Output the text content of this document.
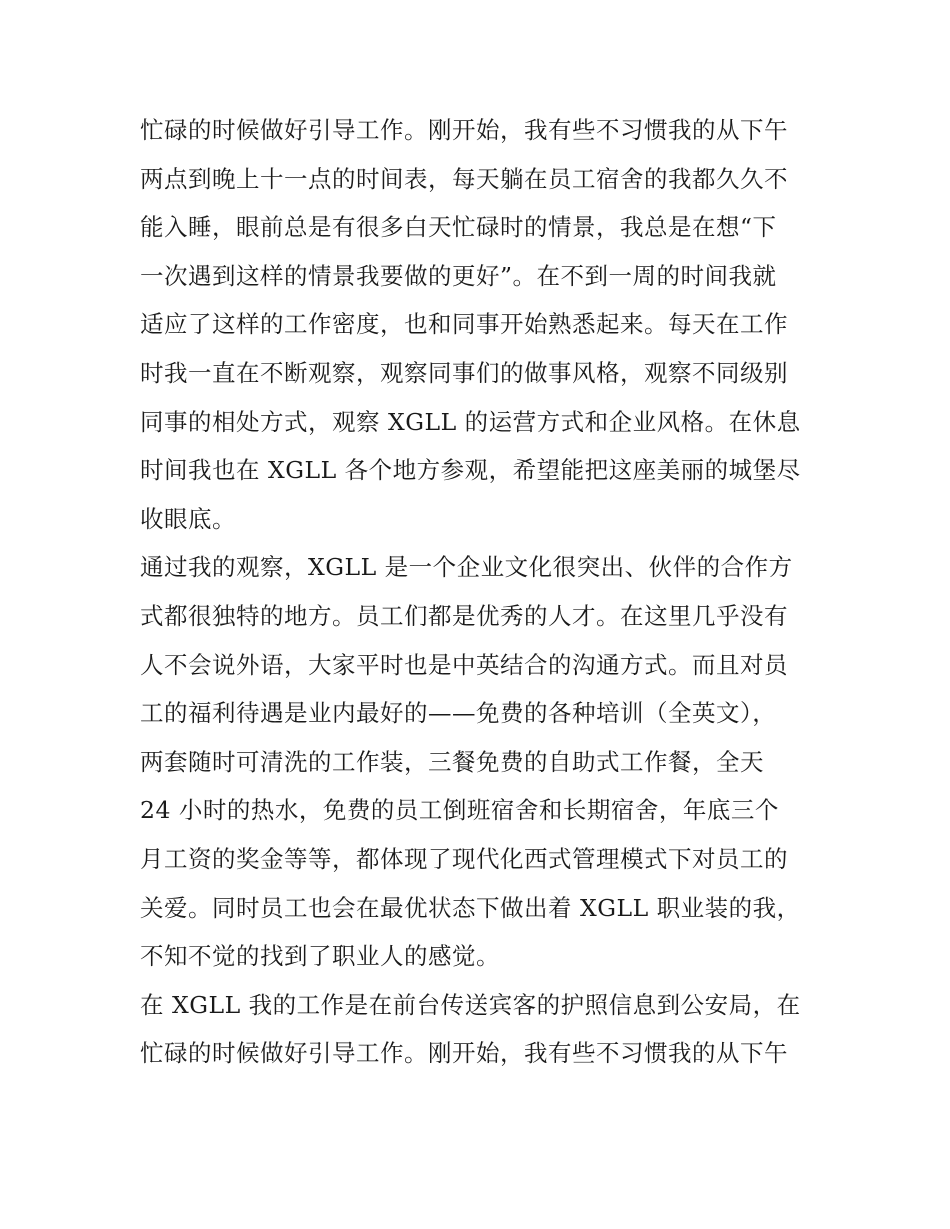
忙碌的时候做好引导工作。刚开始，我有些不习惯我的从下午
两点到晚上十一点的时间表，每天躺在员工宿舍的我都久久不
能入睡，眼前总是有很多白天忙碌时的情景，我总是在想“下
一次遇到这样的情景我要做的更好”。在不到一周的时间我就
适应了这样的工作密度，也和同事开始熟悉起来。每天在工作
时我一直在不断观察，观察同事们的做事风格，观察不同级别
同事的相处方式，观察 XGLL 的运营方式和企业风格。在休息
时间我也在 XGLL 各个地方参观，希望能把这座美丽的城堡尽
收眼底。
通过我的观察，XGLL 是一个企业文化很突出、伙伴的合作方
式都很独特的地方。员工们都是优秀的人才。在这里几乎没有
人不会说外语，大家平时也是中英结合的沟通方式。而且对员
工的福利待遇是业内最好的——免费的各种培训（全英文），
两套随时可清洗的工作装，三餐免费的自助式工作餐，全天
24 小时的热水，免费的员工倒班宿舍和长期宿舍，年底三个
月工资的奖金等等，都体现了现代化西式管理模式下对员工的
关爱。同时员工也会在最优状态下做出着 XGLL 职业装的我，
不知不觉的找到了职业人的感觉。
在 XGLL 我的工作是在前台传送宾客的护照信息到公安局，在
忙碌的时候做好引导工作。刚开始，我有些不习惯我的从下午
